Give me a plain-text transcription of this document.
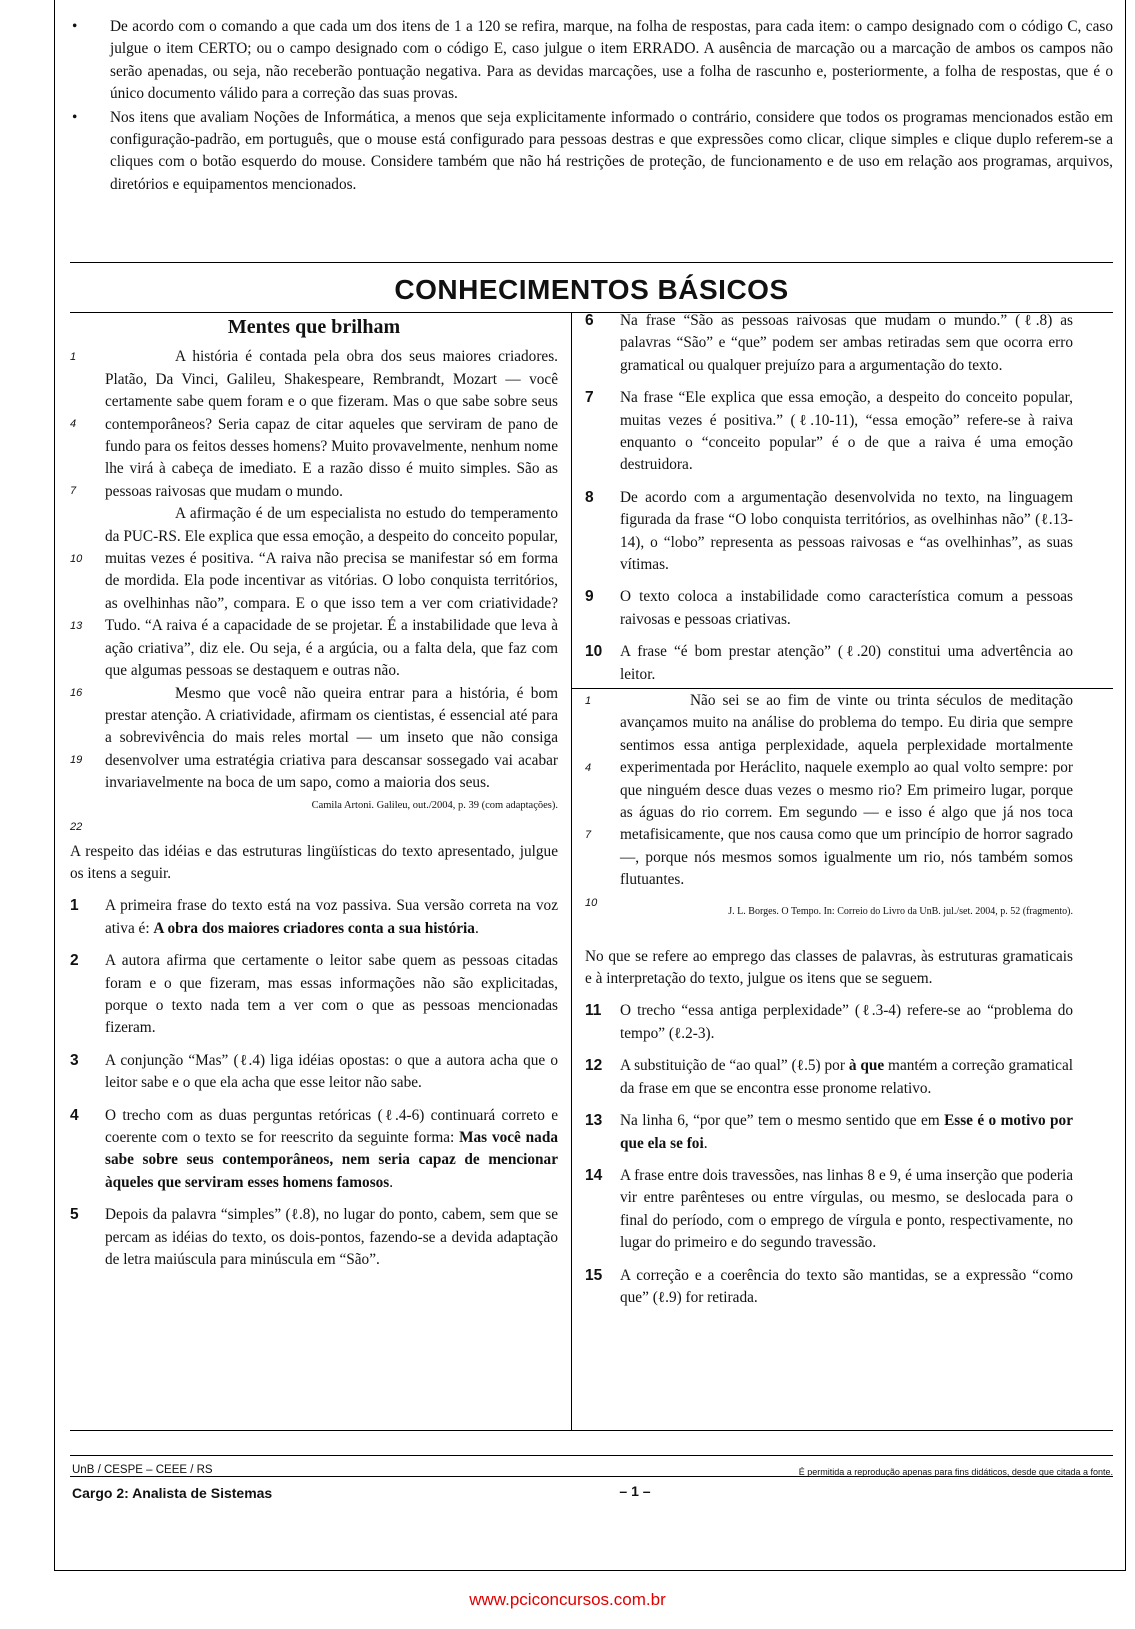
• De acordo com o comando a que cada um dos itens de 1 a 120 se refira, marque, na folha de respostas, para cada item: o campo designado com o código C, caso julgue o item CERTO; ou o campo designado com o código E, caso julgue o item ERRADO. A ausência de marcação ou a marcação de ambos os campos não serão apenadas, ou seja, não receberão pontuação negativa. Para as devidas marcações, use a folha de rascunho e, posteriormente, a folha de respostas, que é o único documento válido para a correção das suas provas.
• Nos itens que avaliam Noções de Informática, a menos que seja explicitamente informado o contrário, considere que todos os programas mencionados estão em configuração-padrão, em português, que o mouse está configurado para pessoas destras e que expressões como clicar, clique simples e clique duplo referem-se a cliques com o botão esquerdo do mouse. Considere também que não há restrições de proteção, de funcionamento e de uso em relação aos programas, arquivos, diretórios e equipamentos mencionados.
CONHECIMENTOS BÁSICOS
Mentes que brilham
1
4
7
10
13
16
19
22

A história é contada pela obra dos seus maiores criadores. Platão, Da Vinci, Galileu, Shakespeare, Rembrandt, Mozart — você certamente sabe quem foram e o que fizeram. Mas o que sabe sobre seus contemporâneos? Seria capaz de citar aqueles que serviram de pano de fundo para os feitos desses homens? Muito provavelmente, nenhum nome lhe virá à cabeça de imediato. E a razão disso é muito simples. São as pessoas raivosas que mudam o mundo.

A afirmação é de um especialista no estudo do temperamento da PUC-RS. Ele explica que essa emoção, a despeito do conceito popular, muitas vezes é positiva. “A raiva não precisa se manifestar só em forma de mordida. Ela pode incentivar as vitórias. O lobo conquista territórios, as ovelhinhas não”, compara. E o que isso tem a ver com criatividade? Tudo. “A raiva é a capacidade de se projetar. É a instabilidade que leva à ação criativa”, diz ele. Ou seja, é a argúcia, ou a falta dela, que faz com que algumas pessoas se destaquem e outras não.

Mesmo que você não queira entrar para a história, é bom prestar atenção. A criatividade, afirmam os cientistas, é essencial até para a sobrevivência do mais reles mortal — um inseto que não consiga desenvolver uma estratégia criativa para descansar sossegado vai acabar invariavelmente na boca de um sapo, como a maioria dos seus.

Camila Artoni. Galileu, out./2004, p. 39 (com adaptações).

A respeito das idéias e das estruturas lingüísticas do texto apresentado, julgue os itens a seguir.

1 A primeira frase do texto está na voz passiva. Sua versão correta na voz ativa é: A obra dos maiores criadores conta a sua história.
2 A autora afirma que certamente o leitor sabe quem as pessoas citadas foram e o que fizeram, mas essas informações não são explicitadas, porque o texto nada tem a ver com o que as pessoas mencionadas fizeram.
3 A conjunção “Mas” (ℓ.4) liga idéias opostas: o que a autora acha que o leitor sabe e o que ela acha que esse leitor não sabe.
4 O trecho com as duas perguntas retóricas (ℓ.4-6) continuará correto e coerente com o texto se for reescrito da seguinte forma: Mas você nada sabe sobre seus contemporâneos, nem seria capaz de mencionar àqueles que serviram esses homens famosos.
5 Depois da palavra “simples” (ℓ.8), no lugar do ponto, cabem, sem que se percam as idéias do texto, os dois-pontos, fazendo-se a devida adaptação de letra maiúscula para minúscula em “São”.
6 Na frase “São as pessoas raivosas que mudam o mundo.” (ℓ.8) as palavras “São” e “que” podem ser ambas retiradas sem que ocorra erro gramatical ou qualquer prejuízo para a argumentação do texto.
7 Na frase “Ele explica que essa emoção, a despeito do conceito popular, muitas vezes é positiva.” (ℓ.10-11), “essa emoção” refere-se à raiva enquanto o “conceito popular” é o de que a raiva é uma emoção destruidora.
8 De acordo com a argumentação desenvolvida no texto, na linguagem figurada da frase “O lobo conquista territórios, as ovelhinhas não” (ℓ.13-14), o “lobo” representa as pessoas raivosas e “as ovelhinhas”, as suas vítimas.
9 O texto coloca a instabilidade como característica comum a pessoas raivosas e pessoas criativas.
10 A frase “é bom prestar atenção” (ℓ.20) constitui uma advertência ao leitor.
1
4
7
10

Não sei se ao fim de vinte ou trinta séculos de meditação avançamos muito na análise do problema do tempo. Eu diria que sempre sentimos essa antiga perplexidade, aquela perplexidade mortalmente experimentada por Heráclito, naquele exemplo ao qual volto sempre: por que ninguém desce duas vezes o mesmo rio? Em primeiro lugar, porque as águas do rio correm. Em segundo — e isso é algo que já nos toca metafisicamente, que nos causa como que um princípio de horror sagrado —, porque nós mesmos somos igualmente um rio, nós também somos flutuantes.

J. L. Borges. O Tempo. In: Correio do Livro da UnB. jul./set. 2004, p. 52 (fragmento).

No que se refere ao emprego das classes de palavras, às estruturas gramaticais e à interpretação do texto, julgue os itens que se seguem.

11 O trecho “essa antiga perplexidade” (ℓ.3-4) refere-se ao “problema do tempo” (ℓ.2-3).
12 A substituição de “ao qual” (ℓ.5) por à que mantém a correção gramatical da frase em que se encontra esse pronome relativo.
13 Na linha 6, “por que” tem o mesmo sentido que em Esse é o motivo por que ela se foi.
14 A frase entre dois travessões, nas linhas 8 e 9, é uma inserção que poderia vir entre parênteses ou entre vírgulas, ou mesmo, se deslocada para o final do período, com o emprego de vírgula e ponto, respectivamente, no lugar do primeiro e do segundo travessão.
15 A correção e a coerência do texto são mantidas, se a expressão “como que” (ℓ.9) for retirada.
UnB / CESPE – CEEE / RS	É permitida a reprodução apenas para fins didáticos, desde que citada a fonte.
Cargo 2: Analista de Sistemas	– 1 –
www.pciconcursos.com.br
